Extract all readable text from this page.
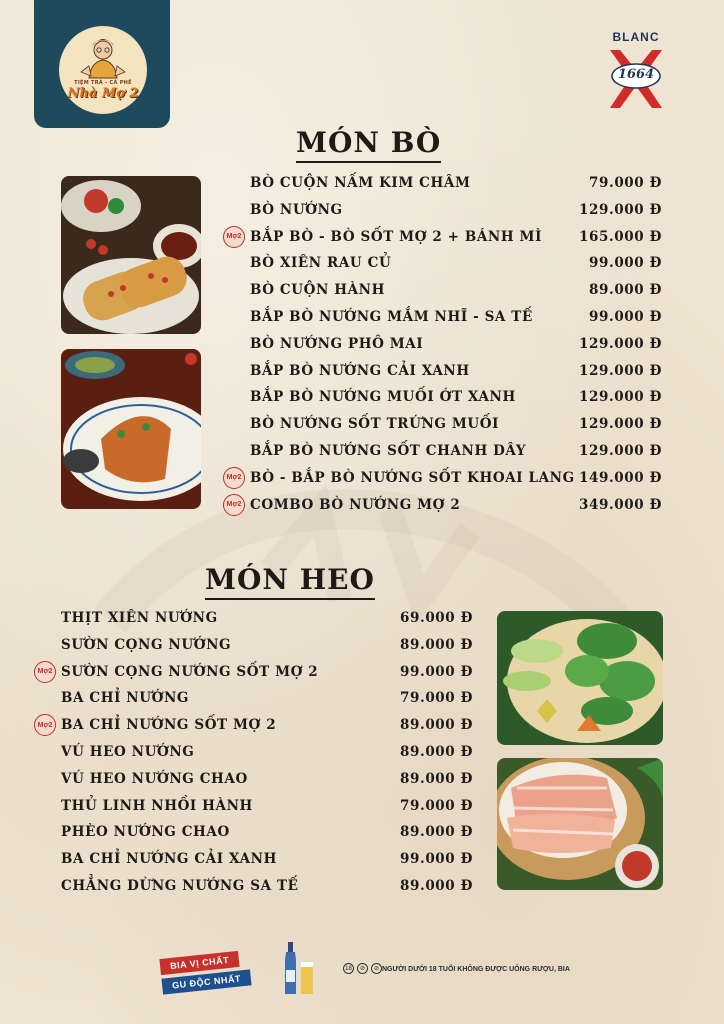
TIỆM TRÀ - CÀ PHÊ
Nhà Mợ 2
BLANC
1664
MÓN BÒ
BÒ CUỘN NẤM KIM CHÂM	79.000 Đ
BÒ NƯỚNG	129.000 Đ
Mợ2 BẮP BÒ - BÒ SỐT MỢ 2 + BÁNH MÌ	165.000 Đ
BÒ XIÊN RAU CỦ	99.000 Đ
BÒ CUỘN HÀNH	89.000 Đ
BẮP BÒ NƯỚNG MẮM NHĨ - SA TẾ	99.000 Đ
BÒ NƯỚNG PHÔ MAI	129.000 Đ
BẮP BÒ NƯỚNG CẢI XANH	129.000 Đ
BẮP BÒ NƯỚNG MUỐI ỚT XANH	129.000 Đ
BÒ NƯỚNG SỐT TRỨNG MUỐI	129.000 Đ
BẮP BÒ NƯỚNG SỐT CHANH DÂY	129.000 Đ
Mợ2 BÒ - BẮP BÒ NƯỚNG SỐT KHOAI LANG 149.000 Đ
Mợ2 COMBO BÒ NƯỚNG MỢ 2	349.000 Đ
MÓN HEO
THỊT XIÊN NƯỚNG	69.000 Đ
SƯỜN CỌNG NƯỚNG	89.000 Đ
Mợ2 SƯỜN CỌNG NƯỚNG SỐT MỢ 2	99.000 Đ
BA CHỈ NƯỚNG	79.000 Đ
Mợ2 BA CHỈ NƯỚNG SỐT MỢ 2	89.000 Đ
VÚ HEO NƯỚNG	89.000 Đ
VÚ HEO NƯỚNG CHAO	89.000 Đ
THỦ LINH NHỒI HÀNH	79.000 Đ
PHÈO NƯỚNG CHAO	89.000 Đ
BA CHỈ NƯỚNG CẢI XANH	99.000 Đ
CHẲNG DỪNG NƯỚNG SA TẾ	89.000 Đ
BIA VỊ CHẤT
GU ĐỘC NHẤT
18	⊘	⊘ NGƯỜI DƯỚI 18 TUỔI KHÔNG ĐƯỢC UỐNG RƯỢU, BIA
